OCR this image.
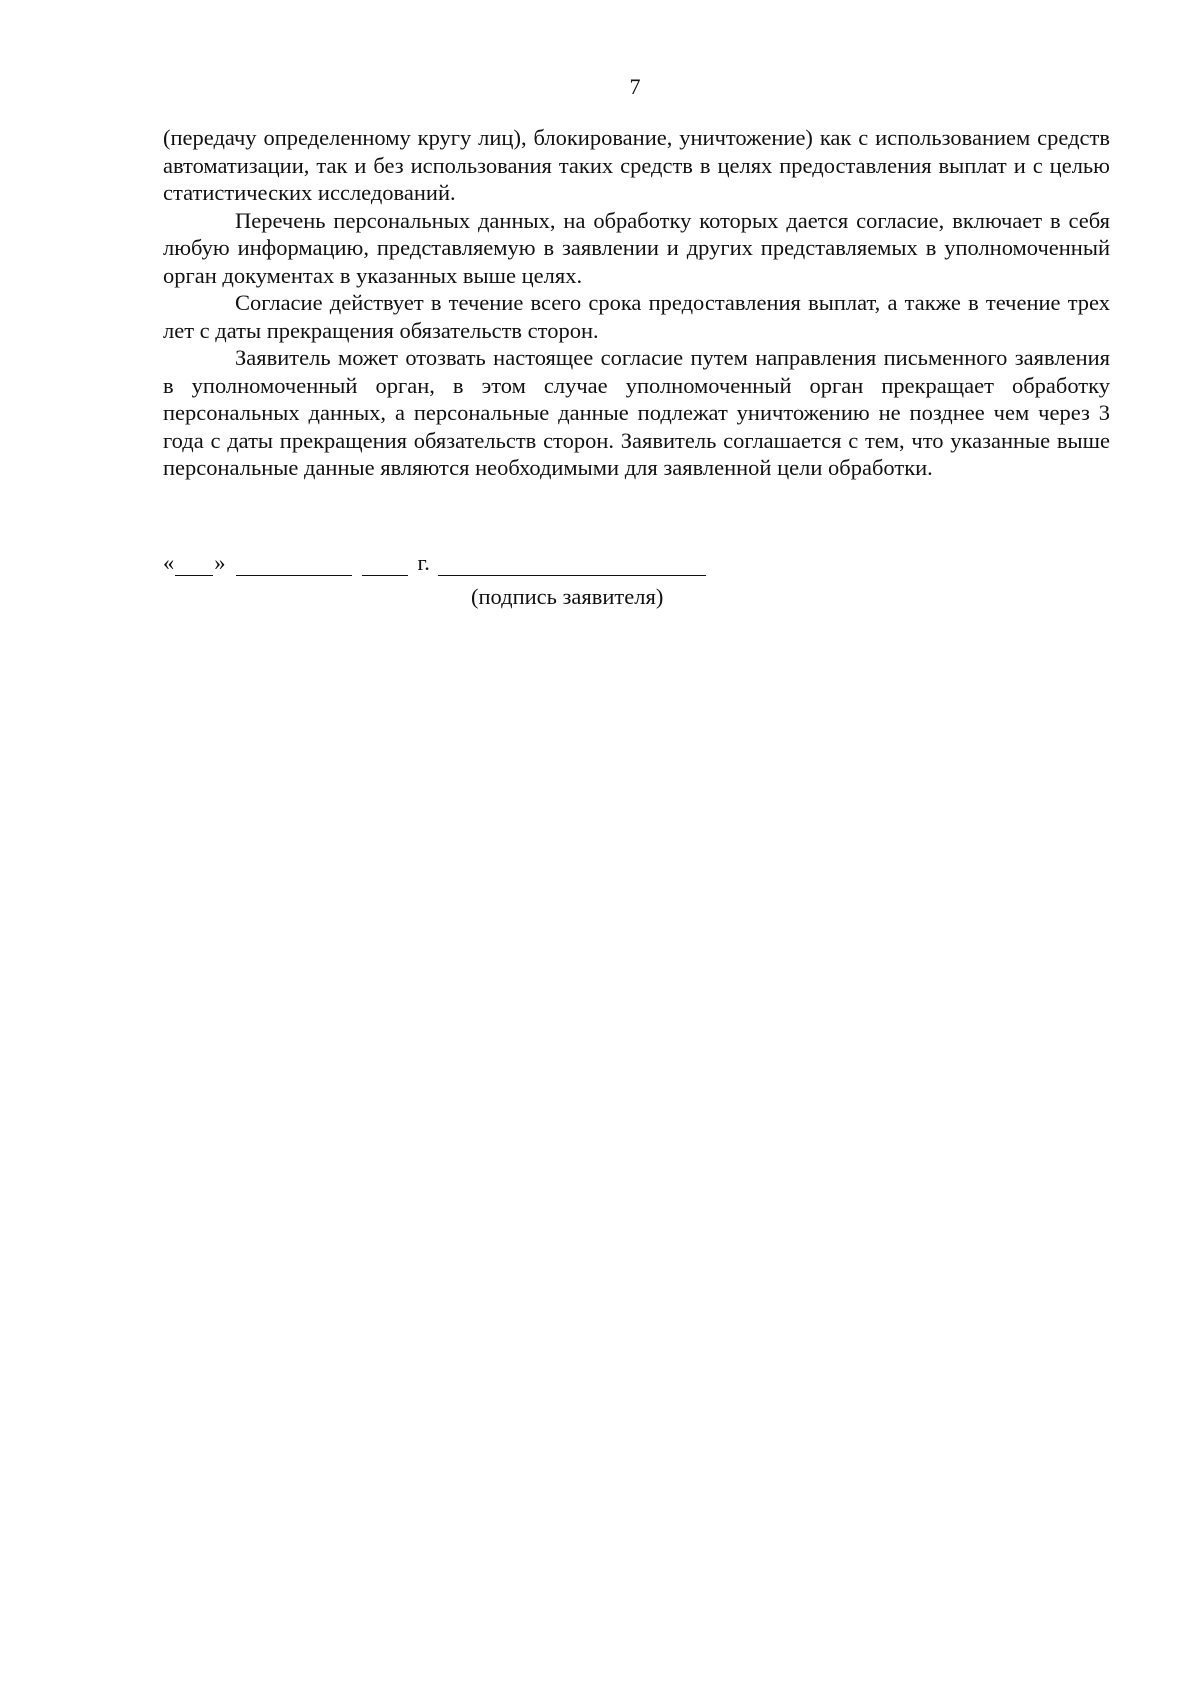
7

(передачу определенному кругу лиц), блокирование, уничтожение) как с использованием средств автоматизации, так и без использования таких средств в целях предоставления выплат и с целью статистических исследований.

Перечень персональных данных, на обработку которых дается согласие, включает в себя любую информацию, представляемую в заявлении и других представляемых в уполномоченный орган документах в указанных выше целях.

Согласие действует в течение всего срока предоставления выплат, а также в течение трех лет с даты прекращения обязательств сторон.

Заявитель может отозвать настоящее согласие путем направления письменного заявления в уполномоченный орган, в этом случае уполномоченный орган прекращает обработку персональных данных, а персональные данные подлежат уничтожению не позднее чем через 3 года с даты прекращения обязательств сторон. Заявитель соглашается с тем, что указанные выше персональные данные являются необходимыми для заявленной цели обработки.

« »	г.
(подпись заявителя)
